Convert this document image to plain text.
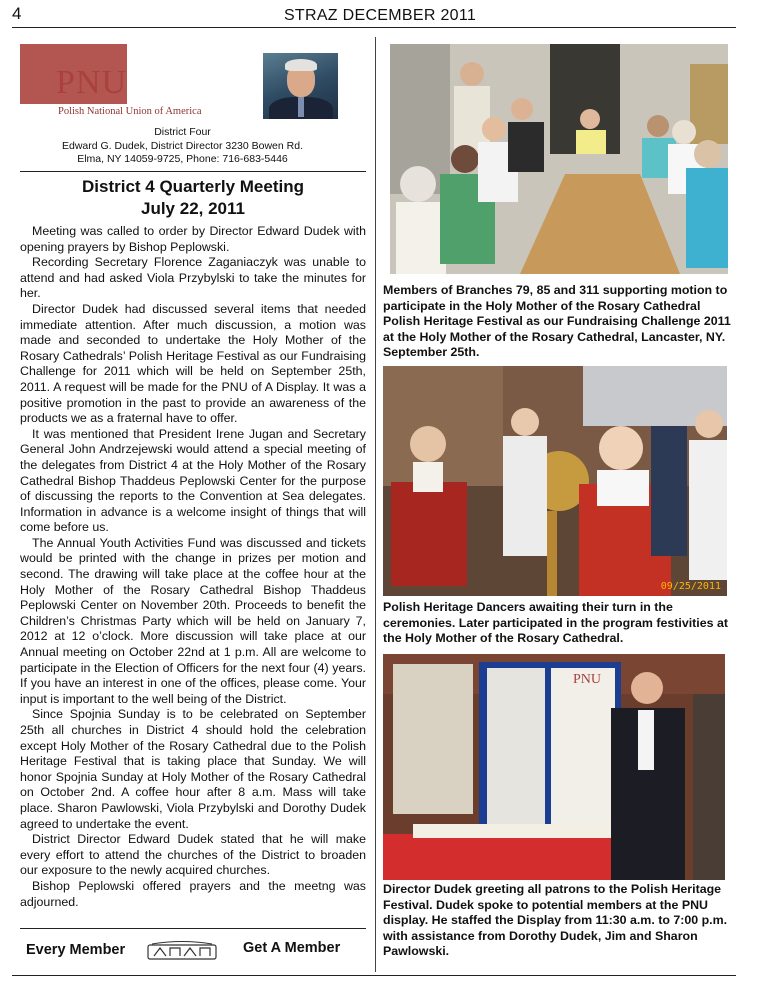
4	STRAZ DECEMBER 2011
PNU
Polish National Union of America
District Four
Edward G. Dudek, District Director 3230 Bowen Rd.
Elma, NY 14059-9725, Phone: 716-683-5446
District 4 Quarterly Meeting
July 22, 2011

Meeting was called to order by Director Edward Dudek with opening prayers by Bishop Peplowski.

Recording Secretary Florence Zaganiaczyk was unable to attend and had asked Viola Przybylski to take the minutes for her.

Director Dudek had discussed several items that needed immediate attention. After much discussion, a motion was made and seconded to undertake the Holy Mother of the Rosary Cathedrals’ Polish Heritage Festival as our Fundraising Challenge for 2011 which will be held on September 25th, 2011. A request will be made for the PNU of A Display. It was a positive promotion in the past to provide an awareness of the products we as a fraternal have to offer.

It was mentioned that President Irene Jugan and Secretary General John Andrzejewski would attend a special meeting of the delegates from District 4 at the Holy Mother of the Rosary Cathedral Bishop Thaddeus Peplowski Center for the purpose of discussing the reports to the Convention at Sea delegates. Information in advance is a welcome insight of things that will come before us.

The Annual Youth Activities Fund was discussed and tickets would be printed with the change in prizes per motion and second. The drawing will take place at the coffee hour at the Holy Mother of the Rosary Cathedral Bishop Thaddeus Peplowski Center on November 20th. Proceeds to benefit the Children’s Christmas Party which will be held on January 7, 2012 at 12 o’clock. More discussion will take place at our Annual meeting on October 22nd at 1 p.m. All are welcome to participate in the Election of Officers for the next four (4) years. If you have an interest in one of the offices, please come. Your input is important to the well being of the District.

Since Spojnia Sunday is to be celebrated on September 25th all churches in District 4 should hold the celebration except Holy Mother of the Rosary Cathedral due to the Polish Heritage Festival that is taking place that Sunday. We will honor Spojnia Sunday at Holy Mother of the Rosary Cathedral on October 2nd. A coffee hour after 8 a.m. Mass will take place. Sharon Pawlowski, Viola Przybylski and Dorothy Dudek agreed to undertake the event.

District Director Edward Dudek stated that he will make every effort to attend the churches of the District to broaden our exposure to the newly acquired churches.

Bishop Peplowski offered prayers and the meetng was adjourned.

Every Member	Get A Member
Members of Branches 79, 85 and 311 supporting motion to participate in the Holy Mother of the Rosary Cathedral Polish Heritage Festival as our Fundraising Challenge 2011 at the Holy Mother of the Rosary Cathedral, Lancaster, NY. September 25th.
09/25/2011
Polish Heritage Dancers awaiting their turn in the ceremonies. Later participated in the program festivities at the Holy Mother of the Rosary Cathedral.
PNU
Director Dudek greeting all patrons to the Polish Heritage Festival. Dudek spoke to potential members at the PNU display. He staffed the Display from 11:30 a.m. to 7:00 p.m. with assistance from Dorothy Dudek, Jim and Sharon Pawlowski.
